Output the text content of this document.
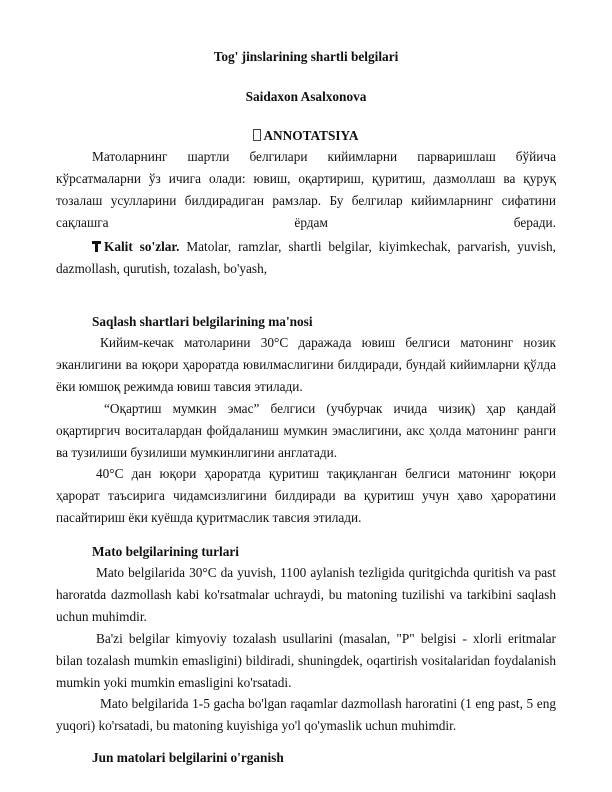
Tog' jinslarining shartli belgilari
Saidaxon Asalxonova
ANNOTATSIYA
Матоларнинг шартли белгилари кийимларни парваришлаш бўйича кўрсатмаларни ўз ичига олади: ювиш, оқартириш, қуритиш, дазмоллаш ва қуруқ тозалаш усулларини билдирадиган рамзлар. Бу белгилар кийимларнинг сифатини сақлашга ёрдам беради.
Kalit so'zlar. Matolar, ramzlar, shartli belgilar, kiyimkechak, parvarish, yuvish, dazmollash, qurutish, tozalash, bo'yash,
Saqlash shartlari belgilarining ma'nosi
Кийим-кечак матоларини 30°C даражада ювиш белгиси матонинг нозик эканлигини ва юқори ҳароратда ювилмаслигини билдиради, бундай кийимларни қўлда ёки юмшоқ режимда ювиш тавсия этилади.
“Оқартиш мумкин эмас” белгиси (учбурчак ичида чизиқ) ҳар қандай оқартиргич воситалардан фойдаланиш мумкин эмаслигини, акс ҳолда матонинг ранги ва тузилиши бузилиши мумкинлигини англатади.
40°C дан юқори ҳароратда қуритиш тақиқланган белгиси матонинг юқори ҳарорат таъсирига чидамсизлигини билдиради ва қуритиш учун ҳаво ҳароратини пасайтириш ёки куёшда қуритмаслик тавсия этилади.
Mato belgilarining turlari
Mato belgilarida 30°C da yuvish, 1100 aylanish tezligida quritgichda quritish va past haroratda dazmollash kabi ko'rsatmalar uchraydi, bu matoning tuzilishi va tarkibini saqlash uchun muhimdir.
Ba'zi belgilar kimyoviy tozalash usullarini (masalan, "P" belgisi - xlorli eritmalar bilan tozalash mumkin emasligini) bildiradi, shuningdek, oqartirish vositalaridan foydalanish mumkin yoki mumkin emasligini ko'rsatadi.
Mato belgilarida 1-5 gacha bo'lgan raqamlar dazmollash haroratini (1 eng past, 5 eng yuqori) ko'rsatadi, bu matoning kuyishiga yo'l qo'ymaslik uchun muhimdir.
Jun matolari belgilarini o'rganish
